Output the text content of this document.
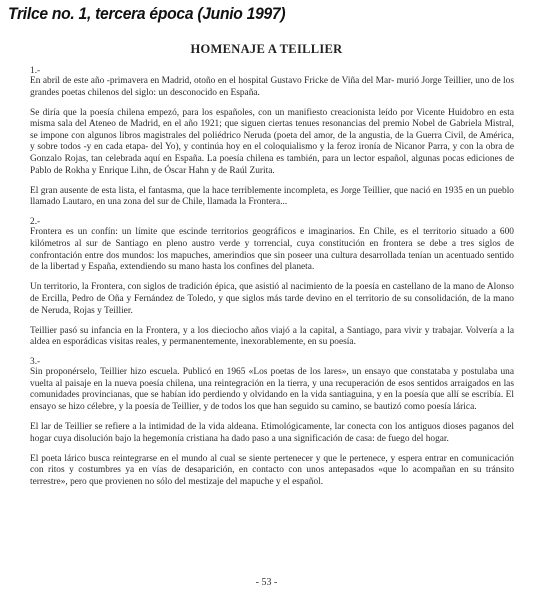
Trilce no. 1, tercera época (Junio 1997)
HOMENAJE A TEILLIER
1.-

En abril de este año -primavera en Madrid, otoño en el hospital Gustavo Fricke de Viña del Mar- murió Jorge Teillier, uno de los grandes poetas chilenos del siglo: un desconocido en España.

Se diría que la poesía chilena empezó, para los españoles, con un manifiesto creacionista leído por Vicente Huidobro en esta misma sala del Ateneo de Madrid, en el año 1921; que siguen ciertas tenues resonancias del premio Nobel de Gabriela Mistral, se impone con algunos libros magistrales del poliédrico Neruda (poeta del amor, de la angustia, de la Guerra Civil, de América, y sobre todos -y en cada etapa- del Yo), y continúa hoy en el coloquialismo y la feroz ironía de Nicanor Parra, y con la obra de Gonzalo Rojas, tan celebrada aquí en España. La poesía chilena es también, para un lector español, algunas pocas ediciones de Pablo de Rokha y Enrique Lihn, de Óscar Hahn y de Raúl Zurita.

El gran ausente de esta lista, el fantasma, que la hace terriblemente incompleta, es Jorge Teillier, que nació en 1935 en un pueblo llamado Lautaro, en una zona del sur de Chile, llamada la Frontera...

2.-

Frontera es un confín: un límite que escinde territorios geográficos e imaginarios. En Chile, es el territorio situado a 600 kilómetros al sur de Santiago en pleno austro verde y torrencial, cuya constitución en frontera se debe a tres siglos de confrontación entre dos mundos: los mapuches, amerindios que sin poseer una cultura desarrollada tenían un acentuado sentido de la libertad y España, extendiendo su mano hasta los confines del planeta.

Un territorio, la Frontera, con siglos de tradición épica, que asistió al nacimiento de la poesía en castellano de la mano de Alonso de Ercilla, Pedro de Oña y Fernández de Toledo, y que siglos más tarde devino en el territorio de su consolidación, de la mano de Neruda, Rojas y Teillier.

Teillier pasó su infancia en la Frontera, y a los dieciocho años viajó a la capital, a Santiago, para vivir y trabajar. Volvería a la aldea en esporádicas visitas reales, y permanentemente, inexorablemente, en su poesía.

3.-

Sin proponérselo, Teillier hizo escuela. Publicó en 1965 «Los poetas de los lares», un ensayo que constataba y postulaba una vuelta al paisaje en la nueva poesía chilena, una reintegración en la tierra, y una recuperación de esos sentidos arraigados en las comunidades provincianas, que se habían ido perdiendo y olvidando en la vida santiaguina, y en la poesía que allí se escribía. El ensayo se hizo célebre, y la poesía de Teillier, y de todos los que han seguido su camino, se bautizó como poesía lárica.

El lar de Teillier se refiere a la intimidad de la vida aldeana. Etimológicamente, lar conecta con los antiguos dioses paganos del hogar cuya disolución bajo la hegemonía cristiana ha dado paso a una significación de casa: de fuego del hogar.

El poeta lárico busca reintegrarse en el mundo al cual se siente pertenecer y que le pertenece, y espera entrar en comunicación con ritos y costumbres ya en vías de desaparición, en contacto con unos antepasados «que lo acompañan en su tránsito terrestre», pero que provienen no sólo del mestizaje del mapuche y el español.

- 53 -
